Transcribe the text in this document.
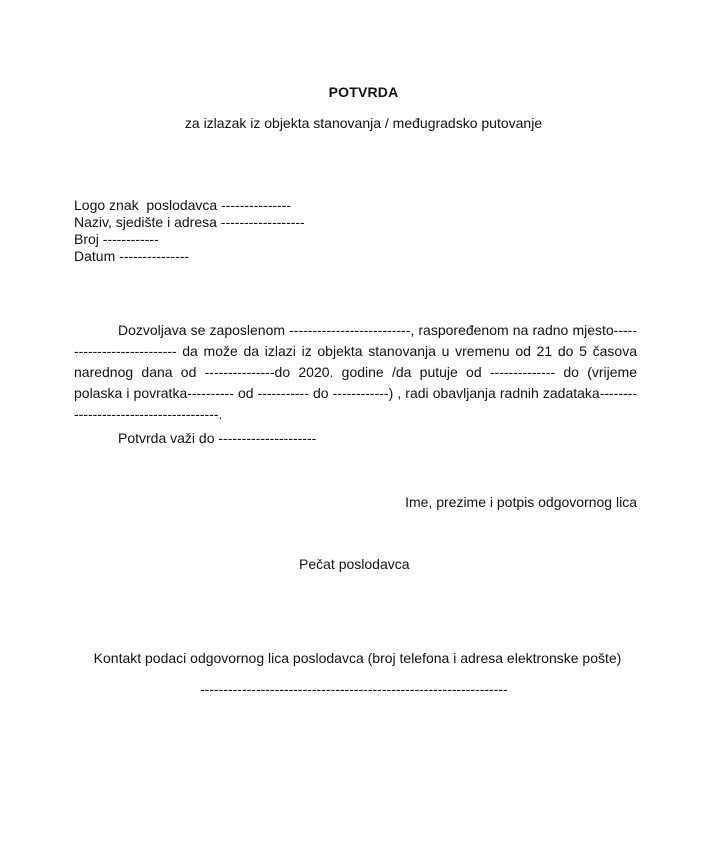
POTVRDA
za izlazak iz objekta stanovanja / međugradsko putovanje
Logo znak  poslodavca ---------------
Naziv, sjedište i adresa ------------------
Broj ------------
Datum ---------------
Dozvoljava se zaposlenom --------------------------, raspoređenom na radno mjesto--------------------------- da može da izlazi iz objekta stanovanja u vremenu od 21 do 5 časova narednog dana od ---------------do 2020. godine /da putuje od -------------- do (vrijeme polaska i povratka---------- od ----------- do ------------) , radi obavljanja radnih zadataka---------------------------------------.
Potvrda važi do ---------------------
Ime, prezime i potpis odgovornog lica
Pečat poslodavca
Kontakt podaci odgovornog lica poslodavca (broj telefona i adresa elektronske pošte)
------------------------------------------------------------------
